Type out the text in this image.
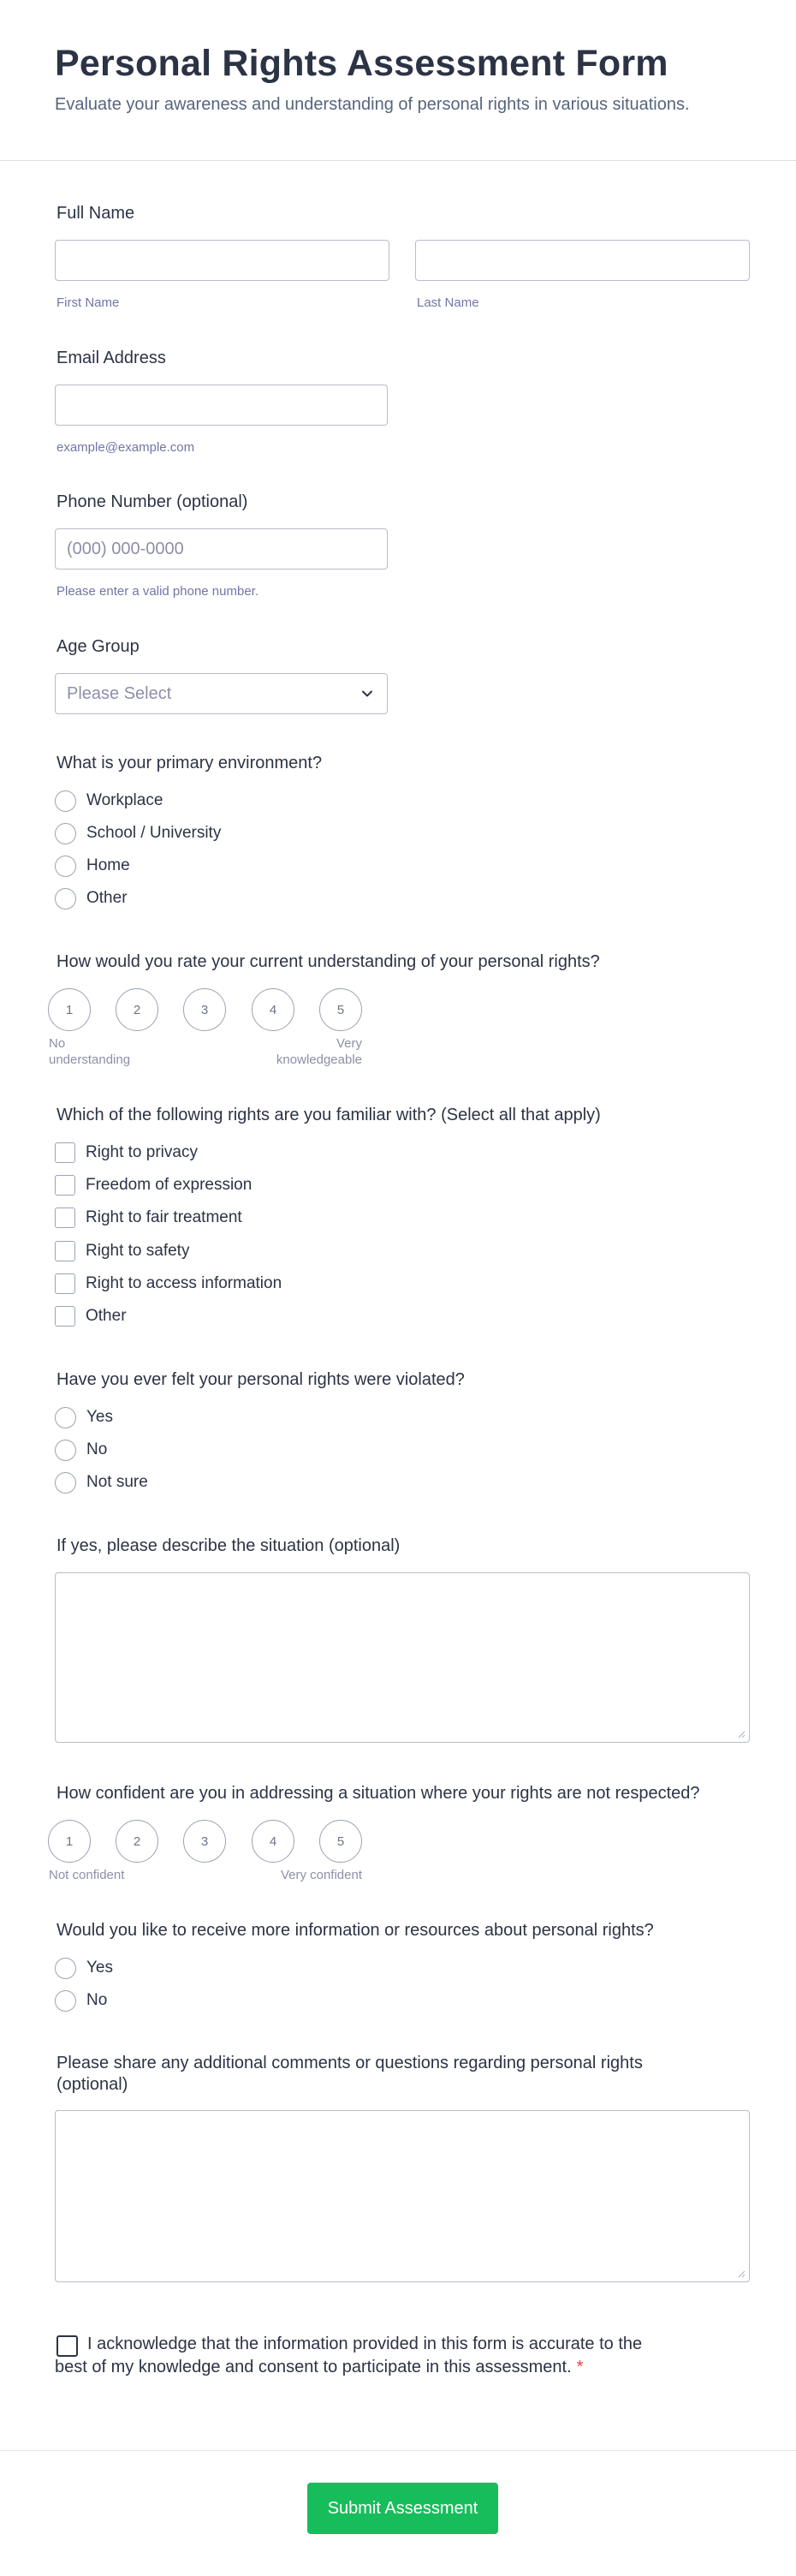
Personal Rights Assessment Form
Evaluate your awareness and understanding of personal rights in various situations.
Full Name
First Name	Last Name
Email Address
example@example.com
Phone Number (optional)
(000) 000-0000
Please enter a valid phone number.
Age Group
Please Select
What is your primary environment?
Workplace
School / University
Home
Other
How would you rate your current understanding of your personal rights?
1	2	3	4	5
No
understanding
Very
knowledgeable
Which of the following rights are you familiar with? (Select all that apply)
Right to privacy
Freedom of expression
Right to fair treatment
Right to safety
Right to access information
Other
Have you ever felt your personal rights were violated?
Yes
No
Not sure
If yes, please describe the situation (optional)
How confident are you in addressing a situation where your rights are not respected?
1	2	3	4	5
Not confident	Very confident
Would you like to receive more information or resources about personal rights?
Yes
No
Please share any additional comments or questions regarding personal rights
(optional)
I acknowledge that the information provided in this form is accurate to the best of my knowledge and consent to participate in this assessment. *
Submit Assessment
